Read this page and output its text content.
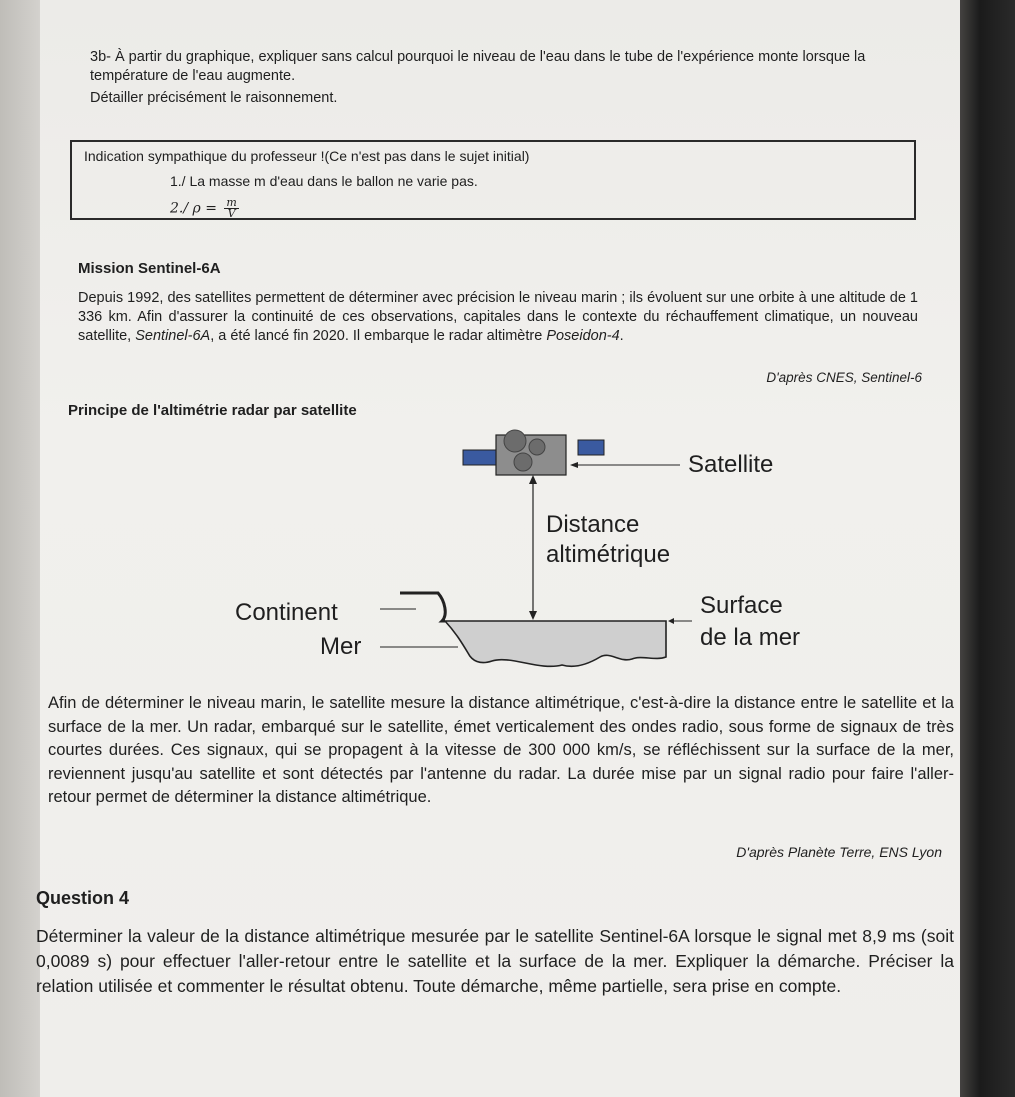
3b- À partir du graphique, expliquer sans calcul pourquoi le niveau de l'eau dans le tube de l'expérience monte lorsque la température de l'eau augmente.

Détailler précisément le raisonnement.

Indication sympathique du professeur !(Ce n'est pas dans le sujet initial)

1./ La masse m d'eau dans le ballon ne varie pas.

2./ $\rho = \frac{m}{V}$

Mission Sentinel-6A

Depuis 1992, des satellites permettent de déterminer avec précision le niveau marin ; ils évoluent sur une orbite à une altitude de 1 336 km. Afin d'assurer la continuité de ces observations, capitales dans le contexte du réchauffement climatique, un nouveau satellite, Sentinel-6A, a été lancé fin 2020. Il embarque le radar altimètre Poseidon-4.

D'après CNES, Sentinel-6

Principe de l'altimétrie radar par satellite

Satellite
Distance
altimétrique
Continent
Mer
Surface
de la mer

Afin de déterminer le niveau marin, le satellite mesure la distance altimétrique, c'est-à-dire la distance entre le satellite et la surface de la mer. Un radar, embarqué sur le satellite, émet verticalement des ondes radio, sous forme de signaux de très courtes durées. Ces signaux, qui se propagent à la vitesse de 300 000 km/s, se réfléchissent sur la surface de la mer, reviennent jusqu'au satellite et sont détectés par l'antenne du radar. La durée mise par un signal radio pour faire l'aller-retour permet de déterminer la distance altimétrique.

D'après Planète Terre, ENS Lyon

Question 4

Déterminer la valeur de la distance altimétrique mesurée par le satellite Sentinel-6A lorsque le signal met 8,9 ms (soit 0,0089 s) pour effectuer l'aller-retour entre le satellite et la surface de la mer. Expliquer la démarche. Préciser la relation utilisée et commenter le résultat obtenu. Toute démarche, même partielle, sera prise en compte.
